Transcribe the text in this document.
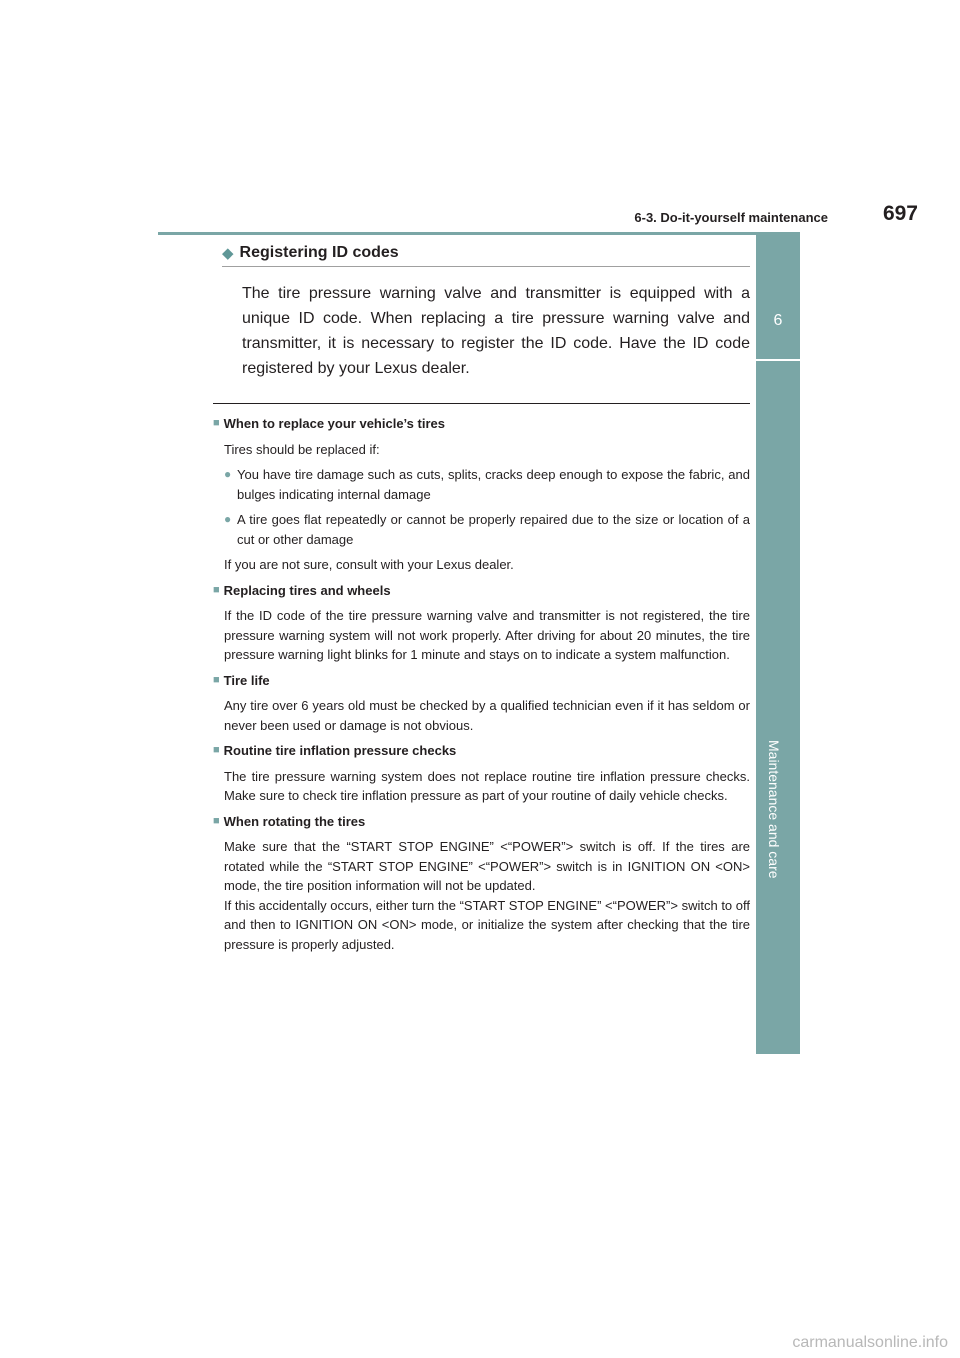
6-3. Do-it-yourself maintenance	697
6
Maintenance and care
◆ Registering ID codes

The tire pressure warning valve and transmitter is equipped with a unique ID code. When replacing a tire pressure warning valve and transmitter, it is necessary to register the ID code. Have the ID code registered by your Lexus dealer.

■ When to replace your vehicle’s tires
Tires should be replaced if:
● You have tire damage such as cuts, splits, cracks deep enough to expose the fabric, and bulges indicating internal damage
● A tire goes flat repeatedly or cannot be properly repaired due to the size or location of a cut or other damage
If you are not sure, consult with your Lexus dealer.
■ Replacing tires and wheels
If the ID code of the tire pressure warning valve and transmitter is not registered, the tire pressure warning system will not work properly. After driving for about 20 minutes, the tire pressure warning light blinks for 1 minute and stays on to indicate a system malfunction.
■ Tire life
Any tire over 6 years old must be checked by a qualified technician even if it has seldom or never been used or damage is not obvious.
■ Routine tire inflation pressure checks
The tire pressure warning system does not replace routine tire inflation pressure checks. Make sure to check tire inflation pressure as part of your routine of daily vehicle checks.
■ When rotating the tires
Make sure that the “START STOP ENGINE” <“POWER”> switch is off. If the tires are rotated while the “START STOP ENGINE” <“POWER”> switch is in IGNITION ON <ON> mode, the tire position information will not be updated.
If this accidentally occurs, either turn the “START STOP ENGINE” <“POWER”> switch to off and then to IGNITION ON <ON> mode, or initialize the system after checking that the tire pressure is properly adjusted.
carmanualsonline.info
